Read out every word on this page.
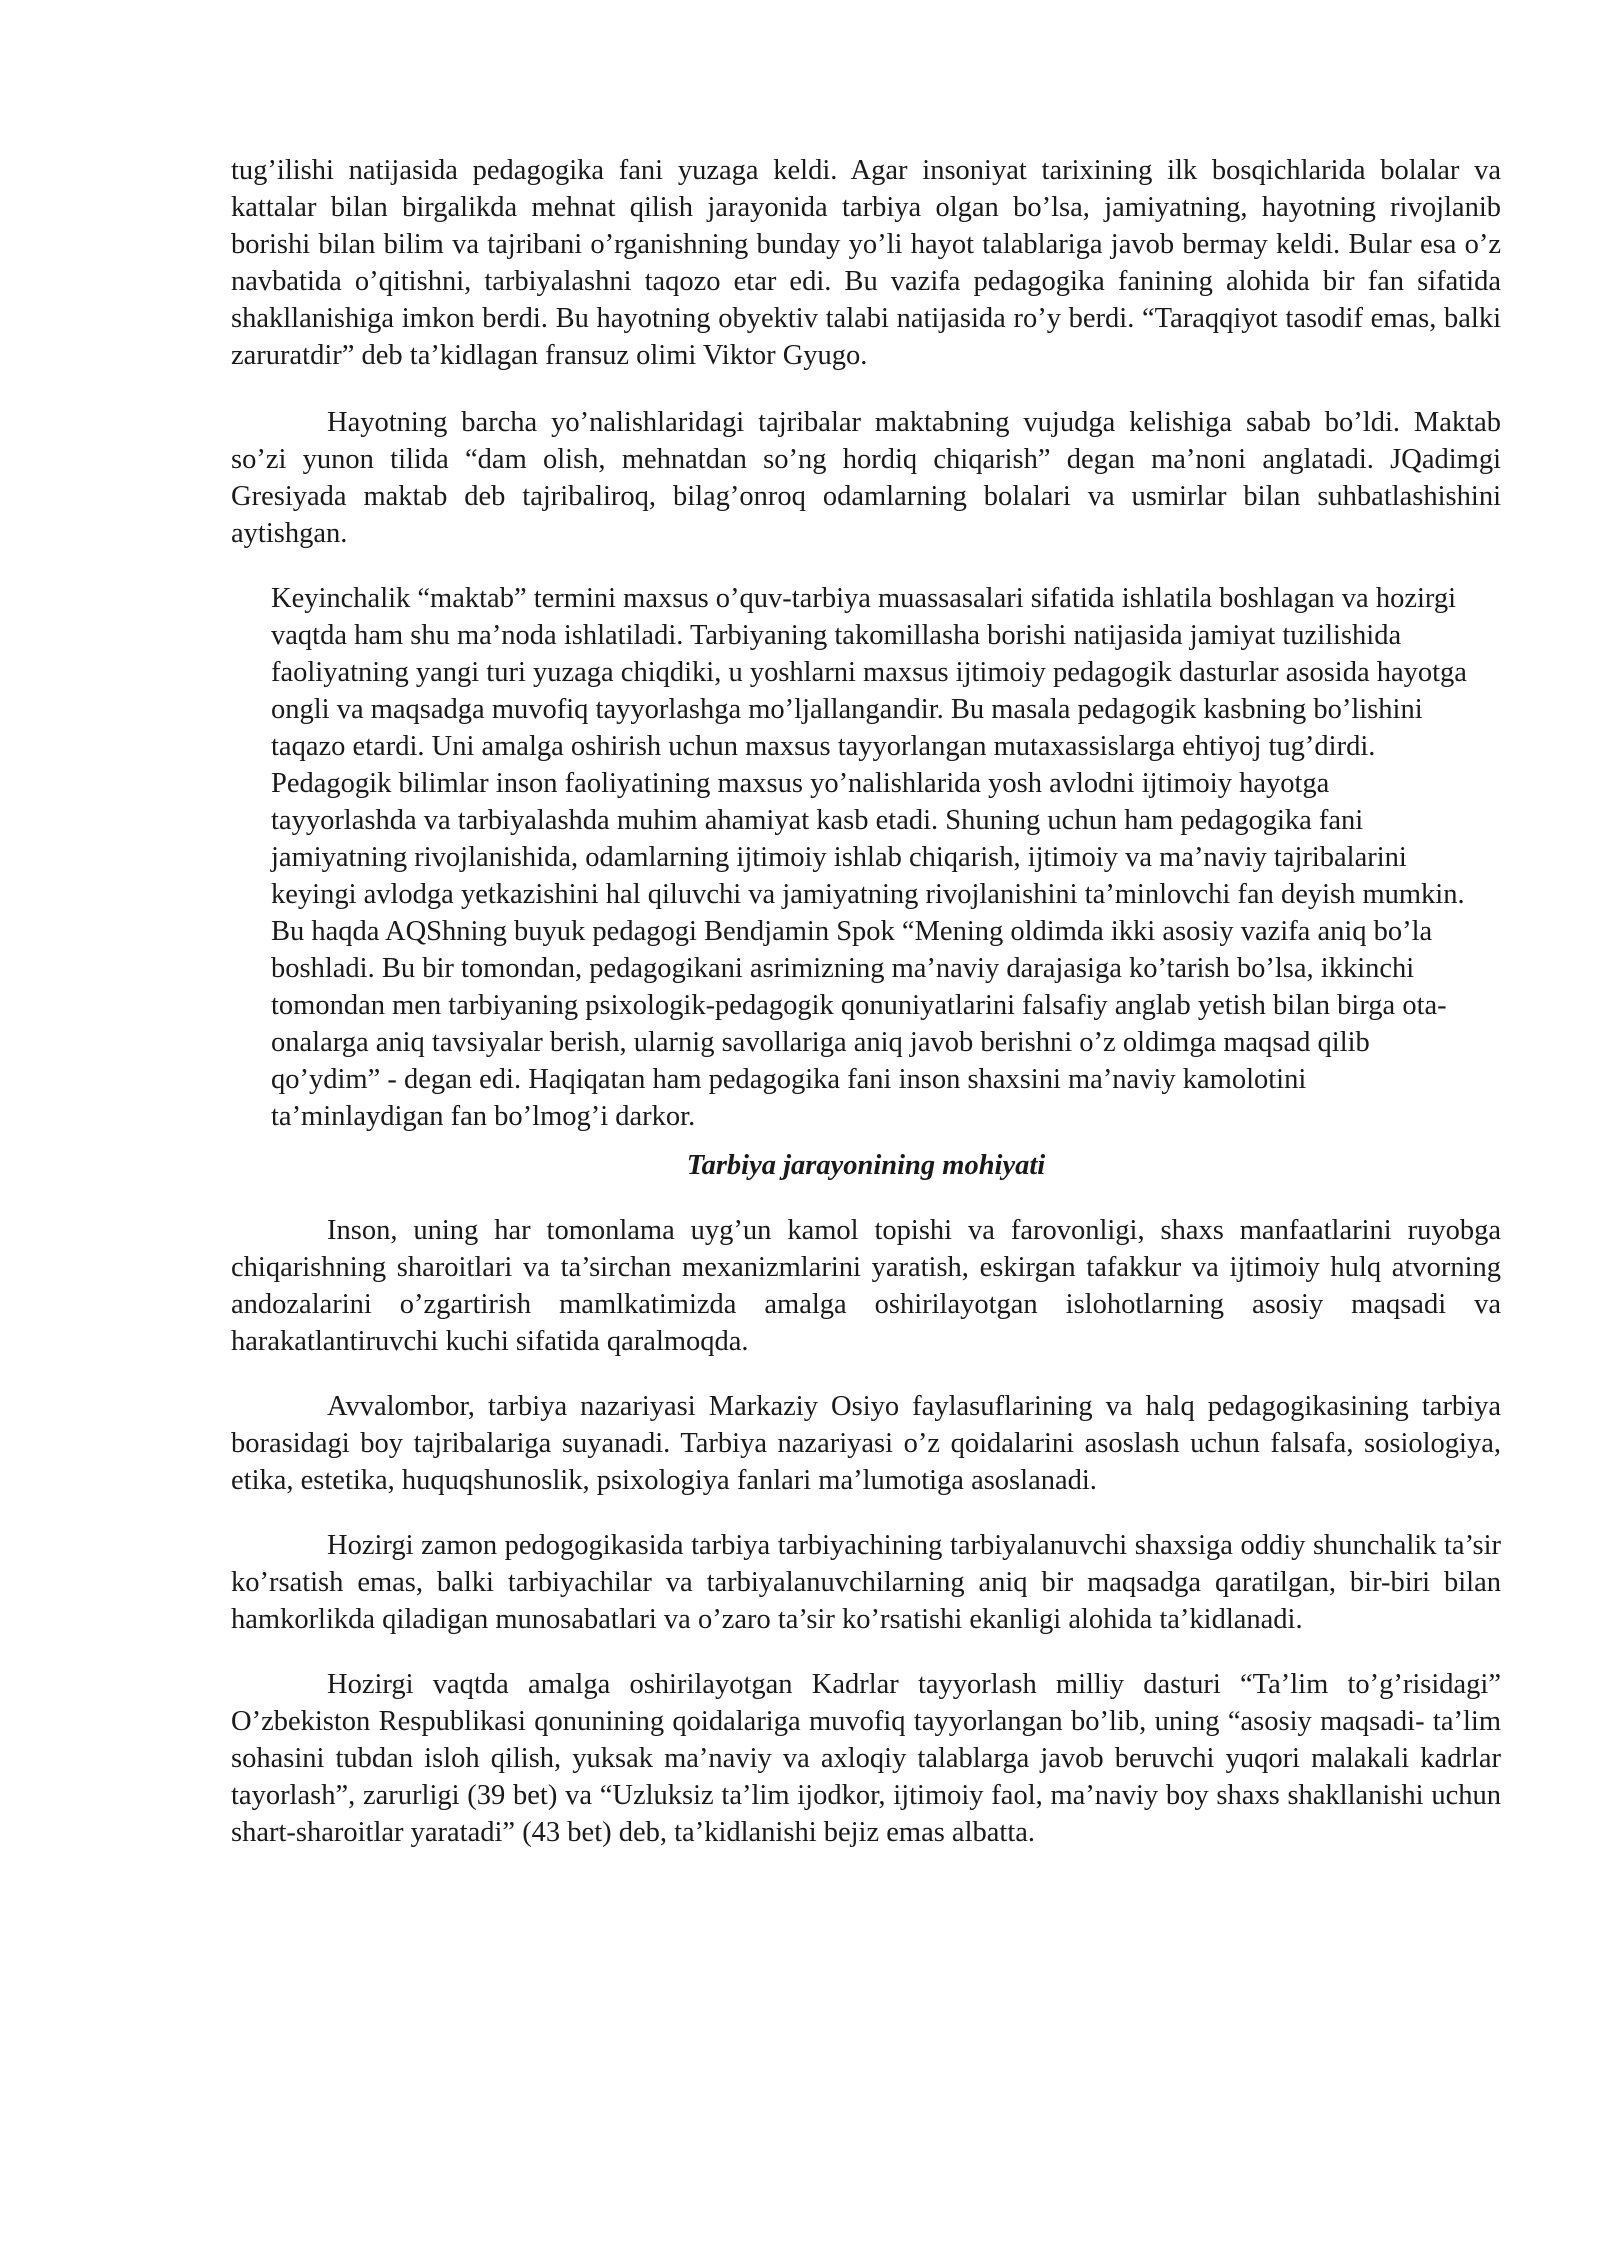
tug’ilishi natijasida pedagogika fani yuzaga keldi. Agar insoniyat tarixining ilk bosqichlarida bolalar va kattalar bilan birgalikda mehnat qilish jarayonida tarbiya olgan bo’lsa, jamiyatning, hayotning rivojlanib borishi bilan bilim va tajribani o’rganishning bunday yo’li hayot talablariga javob bermay keldi. Bular esa o’z navbatida o’qitishni, tarbiyalashni taqozo etar edi. Bu vazifa pedagogika fanining alohida bir fan sifatida shakllanishiga imkon berdi. Bu hayotning obyektiv talabi natijasida ro’y berdi. “Taraqqiyot tasodif emas, balki zaruratdir” deb ta’kidlagan fransuz olimi Viktor Gyugo.

Hayotning barcha yo’nalishlaridagi tajribalar maktabning vujudga kelishiga sabab bo’ldi. Maktab so’zi yunon tilida “dam olish, mehnatdan so’ng hordiq chiqarish” degan ma’noni anglatadi. JQadimgi Gresiyada maktab deb tajribaliroq, bilag’onroq odamlarning bolalari va usmirlar bilan suhbatlashishini aytishgan.

Keyinchalik “maktab” termini maxsus o’quv-tarbiya muassasalari sifatida ishlatila boshlagan va hozirgi vaqtda ham shu ma’noda ishlatiladi. Tarbiyaning takomillasha borishi natijasida jamiyat tuzilishida faoliyatning yangi turi yuzaga chiqdiki, u yoshlarni maxsus ijtimoiy pedagogik dasturlar asosida hayotga ongli va maqsadga muvofiq tayyorlashga mo’ljallangandir. Bu masala pedagogik kasbning bo’lishini taqazo etardi. Uni amalga oshirish uchun maxsus tayyorlangan mutaxassislarga ehtiyoj tug’dirdi. Pedagogik bilimlar inson faoliyatining maxsus yo’nalishlarida yosh avlodni ijtimoiy hayotga tayyorlashda va tarbiyalashda muhim ahamiyat kasb etadi. Shuning uchun ham pedagogika fani jamiyatning rivojlanishida, odamlarning ijtimoiy ishlab chiqarish, ijtimoiy va ma’naviy tajribalarini keyingi avlodga yetkazishini hal qiluvchi va jamiyatning rivojlanishini ta’minlovchi fan deyish mumkin. Bu haqda AQShning buyuk pedagogi Bendjamin Spok “Mening oldimda ikki asosiy vazifa aniq bo’la boshladi. Bu bir tomondan, pedagogikani asrimizning ma’naviy darajasiga ko’tarish bo’lsa, ikkinchi tomondan men tarbiyaning psixologik-pedagogik qonuniyatlarini falsafiy anglab yetish bilan birga ota-onalarga aniq tavsiyalar berish, ularnig savollariga aniq javob berishni o’z oldimga maqsad qilib qo’ydim” - degan edi. Haqiqatan ham pedagogika fani inson shaxsini ma’naviy kamolotini ta’minlaydigan fan bo’lmog’i darkor.

Tarbiya jarayonining mohiyati

Inson, uning har tomonlama uyg’un kamol topishi va farovonligi, shaxs manfaatlarini ruyobga chiqarishning sharoitlari va ta’sirchan mexanizmlarini yaratish, eskirgan tafakkur va ijtimoiy hulq atvorning andozalarini o’zgartirish mamlkatimizda amalga oshirilayotgan islohotlarning asosiy maqsadi va harakatlantiruvchi kuchi sifatida qaralmoqda.

Avvalombor, tarbiya nazariyasi Markaziy Osiyo faylasuflarining va halq pedagogikasining tarbiya borasidagi boy tajribalariga suyanadi. Tarbiya nazariyasi o’z qoidalarini asoslash uchun falsafa, sosiologiya, etika, estetika, huquqshunoslik, psixologiya fanlari ma’lumotiga asoslanadi.

Hozirgi zamon pedogogikasida tarbiya tarbiyachining tarbiyalanuvchi shaxsiga oddiy shunchalik ta’sir ko’rsatish emas, balki tarbiyachilar va tarbiyalanuvchilarning aniq bir maqsadga qaratilgan, bir-biri bilan hamkorlikda qiladigan munosabatlari va o’zaro ta’sir ko’rsatishi ekanligi alohida ta’kidlanadi.

Hozirgi vaqtda amalga oshirilayotgan Kadrlar tayyorlash milliy dasturi “Ta’lim to’g’risidagi” O’zbekiston Respublikasi qonunining qoidalariga muvofiq tayyorlangan bo’lib, uning “asosiy maqsadi- ta’lim sohasini tubdan isloh qilish, yuksak ma’naviy va axloqiy talablarga javob beruvchi yuqori malakali kadrlar tayorlash”, zarurligi (39 bet) va “Uzluksiz ta’lim ijodkor, ijtimoiy faol, ma’naviy boy shaxs shakllanishi uchun shart-sharoitlar yaratadi” (43 bet) deb, ta’kidlanishi bejiz emas albatta.
